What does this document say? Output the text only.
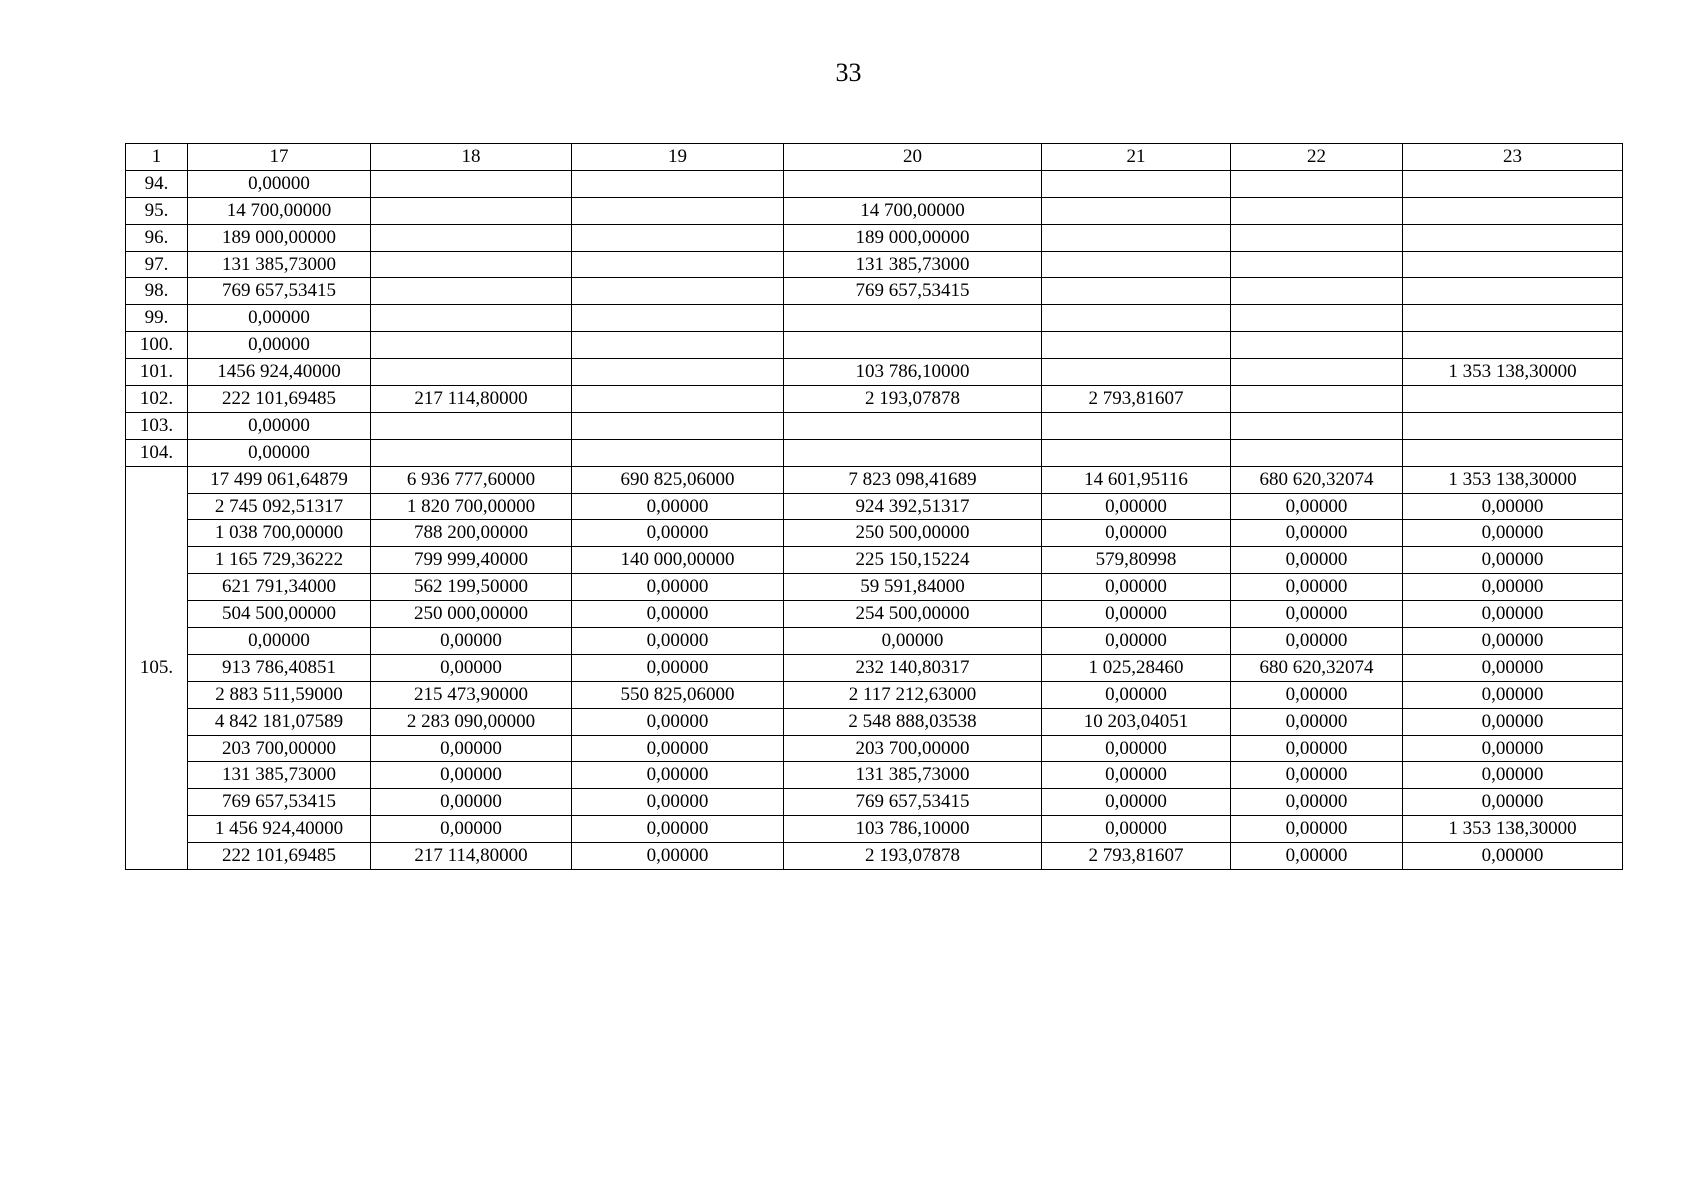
33
1	17	18	19	20	21	22	23
94.	0,00000						
95.	14 700,00000			14 700,00000			
96.	189 000,00000			189 000,00000			
97.	131 385,73000			131 385,73000			
98.	769 657,53415			769 657,53415			
99.	0,00000						
100.	0,00000						
101.	1456 924,40000			103 786,10000			1 353 138,30000
102.	222 101,69485	217 114,80000		2 193,07878	2 793,81607		
103.	0,00000						
104.	0,00000						
105.	17 499 061,64879	6 936 777,60000	690 825,06000	7 823 098,41689	14 601,95116	680 620,32074	1 353 138,30000
	2 745 092,51317	1 820 700,00000	0,00000	924 392,51317	0,00000	0,00000	0,00000
	1 038 700,00000	788 200,00000	0,00000	250 500,00000	0,00000	0,00000	0,00000
	1 165 729,36222	799 999,40000	140 000,00000	225 150,15224	579,80998	0,00000	0,00000
	621 791,34000	562 199,50000	0,00000	59 591,84000	0,00000	0,00000	0,00000
	504 500,00000	250 000,00000	0,00000	254 500,00000	0,00000	0,00000	0,00000
	0,00000	0,00000	0,00000	0,00000	0,00000	0,00000	0,00000
	913 786,40851	0,00000	0,00000	232 140,80317	1 025,28460	680 620,32074	0,00000
	2 883 511,59000	215 473,90000	550 825,06000	2 117 212,63000	0,00000	0,00000	0,00000
	4 842 181,07589	2 283 090,00000	0,00000	2 548 888,03538	10 203,04051	0,00000	0,00000
	203 700,00000	0,00000	0,00000	203 700,00000	0,00000	0,00000	0,00000
	131 385,73000	0,00000	0,00000	131 385,73000	0,00000	0,00000	0,00000
	769 657,53415	0,00000	0,00000	769 657,53415	0,00000	0,00000	0,00000
	1 456 924,40000	0,00000	0,00000	103 786,10000	0,00000	0,00000	1 353 138,30000
	222 101,69485	217 114,80000	0,00000	2 193,07878	2 793,81607	0,00000	0,00000
